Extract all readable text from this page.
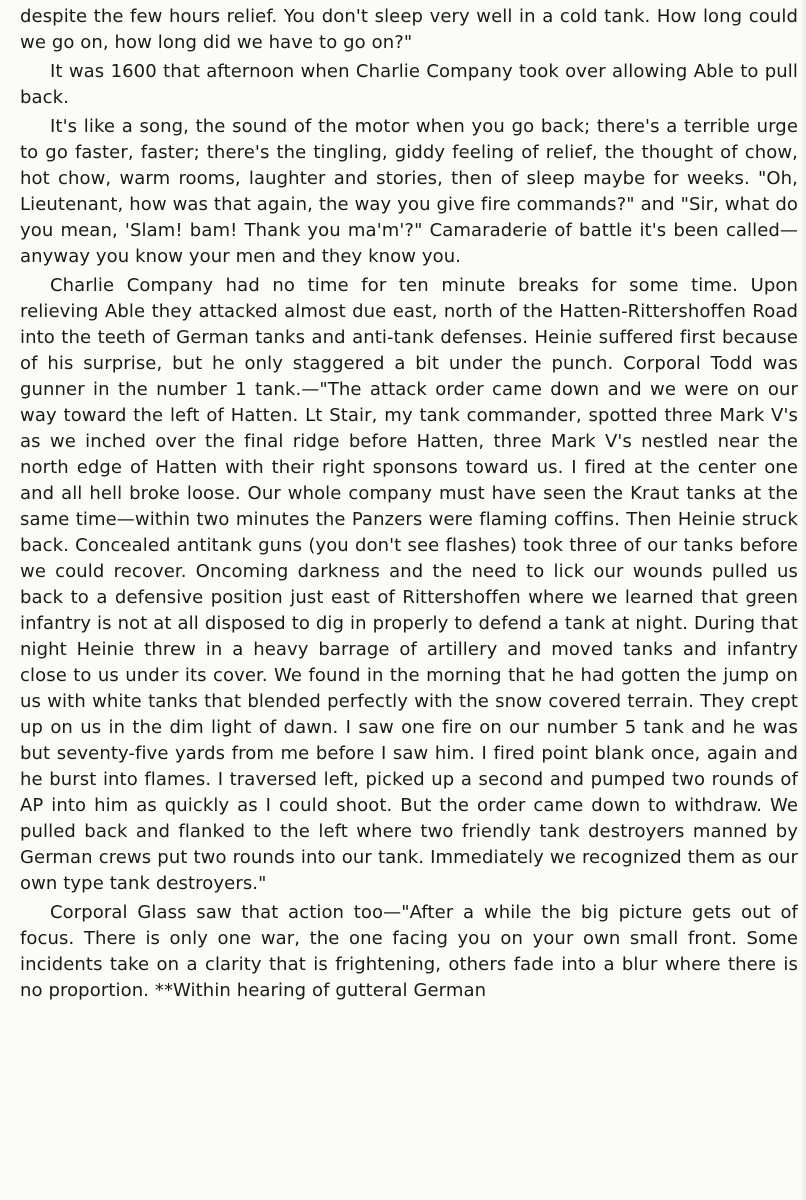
despite the few hours relief. You don't sleep very well in a cold tank. How long could we go on, how long did we have to go on?"

It was 1600 that afternoon when Charlie Company took over allowing Able to pull back.

It's like a song, the sound of the motor when you go back; there's a terrible urge to go faster, faster; there's the tingling, giddy feeling of relief, the thought of chow, hot chow, warm rooms, laughter and stories, then of sleep maybe for weeks. "Oh, Lieutenant, how was that again, the way you give fire commands?" and "Sir, what do you mean, 'Slam! bam! Thank you ma'm'?" Camaraderie of battle it's been called—anyway you know your men and they know you.

Charlie Company had no time for ten minute breaks for some time. Upon relieving Able they attacked almost due east, north of the Hatten-Rittershoffen Road into the teeth of German tanks and anti-tank defenses. Heinie suffered first because of his surprise, but he only staggered a bit under the punch. Corporal Todd was gunner in the number 1 tank.—"The attack order came down and we were on our way toward the left of Hatten. Lt Stair, my tank commander, spotted three Mark V's as we inched over the final ridge before Hatten, three Mark V's nestled near the north edge of Hatten with their right sponsons toward us. I fired at the center one and all hell broke loose. Our whole company must have seen the Kraut tanks at the same time—within two minutes the Panzers were flaming coffins. Then Heinie struck back. Concealed antitank guns (you don't see flashes) took three of our tanks before we could recover. Oncoming darkness and the need to lick our wounds pulled us back to a defensive position just east of Rittershoffen where we learned that green infantry is not at all disposed to dig in properly to defend a tank at night. During that night Heinie threw in a heavy barrage of artillery and moved tanks and infantry close to us under its cover. We found in the morning that he had gotten the jump on us with white tanks that blended perfectly with the snow covered terrain. They crept up on us in the dim light of dawn. I saw one fire on our number 5 tank and he was but seventy-five yards from me before I saw him. I fired point blank once, again and he burst into flames. I traversed left, picked up a second and pumped two rounds of AP into him as quickly as I could shoot. But the order came down to withdraw. We pulled back and flanked to the left where two friendly tank destroyers manned by German crews put two rounds into our tank. Immediately we recognized them as our own type tank destroyers."

Corporal Glass saw that action too—"After a while the big picture gets out of focus. There is only one war, the one facing you on your own small front. Some incidents take on a clarity that is frightening, others fade into a blur where there is no proportion. **Within hearing of gutteral German
